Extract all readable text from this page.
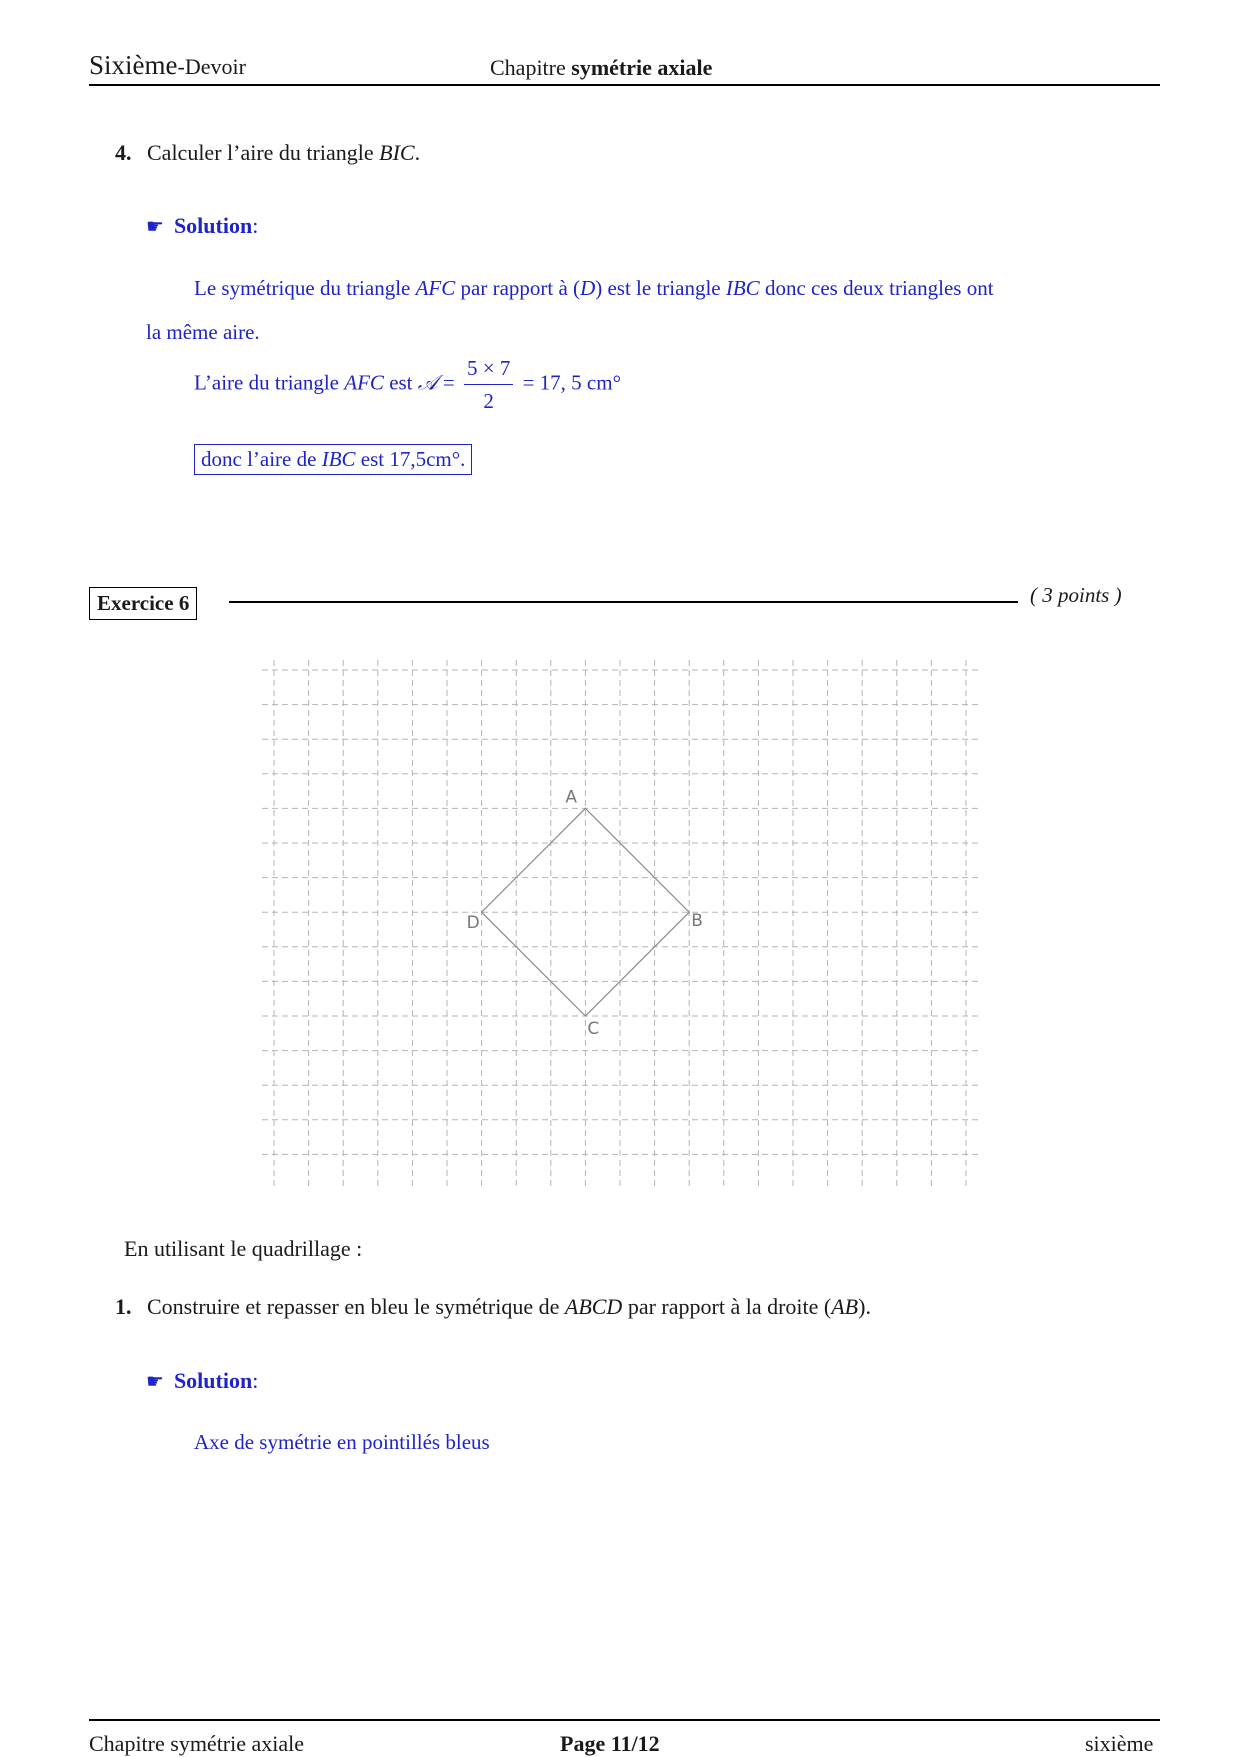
Sixième-Devoir	Chapitre symétrie axiale
4. Calculer l’aire du triangle BIC.
☛ Solution:
Le symétrique du triangle AFC par rapport à (D) est le triangle IBC donc ces deux triangles ont
la même aire.
L’aire du triangle AFC est 𝒜 = $\frac{5 \times 7}{2} = 17$, 5 cm°
donc l’aire de IBC est 17,5cm°.
Exercice 6	( 3 points )
A
B
C
D
En utilisant le quadrillage :
1. Construire et repasser en bleu le symétrique de ABCD par rapport à la droite (AB).
☛ Solution:
Axe de symétrie en pointillés bleus
Chapitre symétrie axiale	Page 11/12	sixième
